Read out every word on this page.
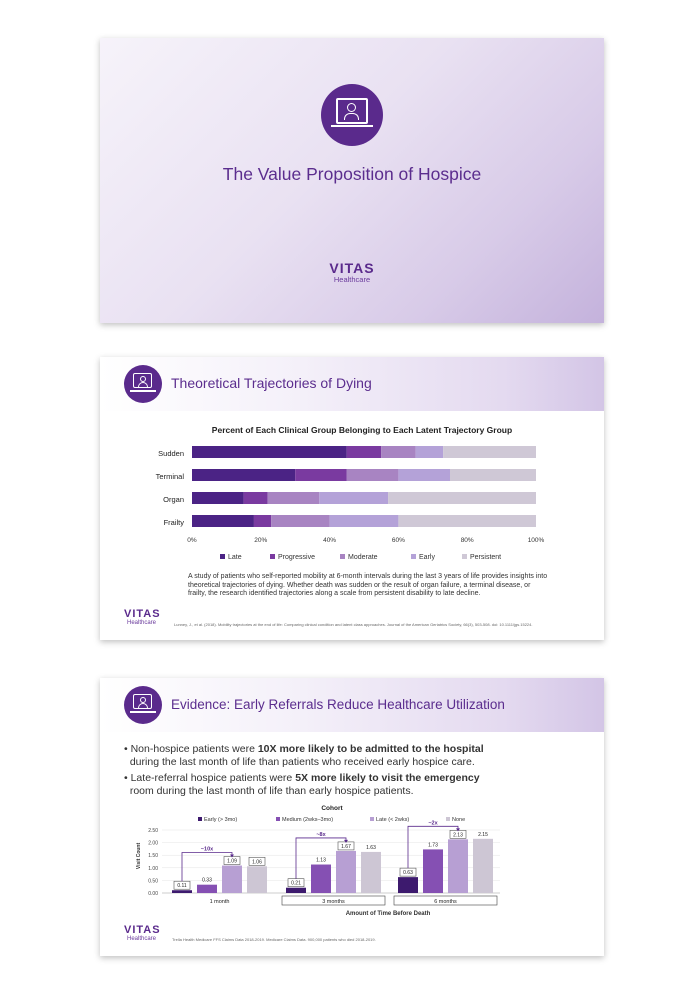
The Value Proposition of Hospice
VITAS
Healthcare
Theoretical Trajectories of Dying
Percent of Each Clinical Group Belonging to Each Latent Trajectory Group
Sudden
Terminal
Organ
Frailty
0%	20%	40%	60%	80%	100%
Late	Progressive	Moderate	Early	Persistent
A study of patients who self-reported mobility at 6-month intervals during the last 3 years of life provides insights into theoretical trajectories of dying. Whether death was sudden or the result of organ failure, a terminal disease, or frailty, the research identified trajectories along a scale from persistent disability to late decline.
VITAS
Healthcare	Lunney, J., et al. (2018). Mobility trajectories at the end of life: Comparing clinical condition and latent class approaches. Journal of the American Geriatrics Society, 66(3), 503-508. doi: 10.1111/jgs.15224.
Evidence: Early Referrals Reduce Healthcare Utilization
• Non-hospice patients were 10X more likely to be admitted to the hospital
during the last month of life than patients who received early hospice care.
• Late-referral hospice patients were 5X more likely to visit the emergency
room during the last month of life than early hospice patients.
Cohort
Early (> 3mo)	Medium (2wks–3mo)	Late (< 2wks)	None
2.50
2.00
1.50
1.00
0.50
0.00
0.11
0.33
1.09	1.06
~10x
0.21
1.13
1.67	1.63
~8x
0.63
1.73
2.13	2.15
~2x
1 month	3 months	6 months
Visit Count
Amount of Time Before Death
VITAS
Healthcare	Trella Health Medicare FFS Claims Data 2018-2019. Medicare Claims Data. 900,000 patients who died 2018-2019.
